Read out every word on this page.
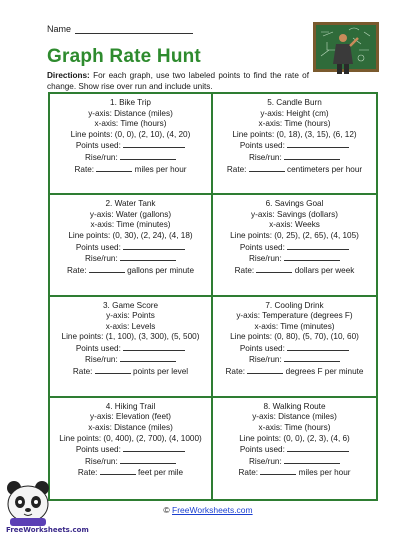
Name
Graph Rate Hunt
Directions: For each graph, use two labeled points to find the rate of change. Show rise over run and include units.
1. Bike Trip
y-axis: Distance (miles)
x-axis: Time (hours)
Line points: (0, 0), (2, 10), (4, 20)
Points used:
Rise/run:
Rate:	miles per hour
5. Candle Burn
y-axis: Height (cm)
x-axis: Time (hours)
Line points: (0, 18), (3, 15), (6, 12)
Points used:
Rise/run:
Rate:	centimeters per hour
2. Water Tank
y-axis: Water (gallons)
x-axis: Time (minutes)
Line points: (0, 30), (2, 24), (4, 18)
Points used:
Rise/run:
Rate:	gallons per minute
6. Savings Goal
y-axis: Savings (dollars)
x-axis: Weeks
Line points: (0, 25), (2, 65), (4, 105)
Points used:
Rise/run:
Rate:	dollars per week
3. Game Score
y-axis: Points
x-axis: Levels
Line points: (1, 100), (3, 300), (5, 500)
Points used:
Rise/run:
Rate:	points per level
7. Cooling Drink
y-axis: Temperature (degrees F)
x-axis: Time (minutes)
Line points: (0, 80), (5, 70), (10, 60)
Points used:
Rise/run:
Rate:	degrees F per minute
4. Hiking Trail
y-axis: Elevation (feet)
x-axis: Distance (miles)
Line points: (0, 400), (2, 700), (4, 1000)
Points used:
Rise/run:
Rate:	feet per mile
8. Walking Route
y-axis: Distance (miles)
x-axis: Time (hours)
Line points: (0, 0), (2, 3), (4, 6)
Points used:
Rise/run:
Rate:	miles per hour
FreeWorksheets.com
© FreeWorksheets.com
